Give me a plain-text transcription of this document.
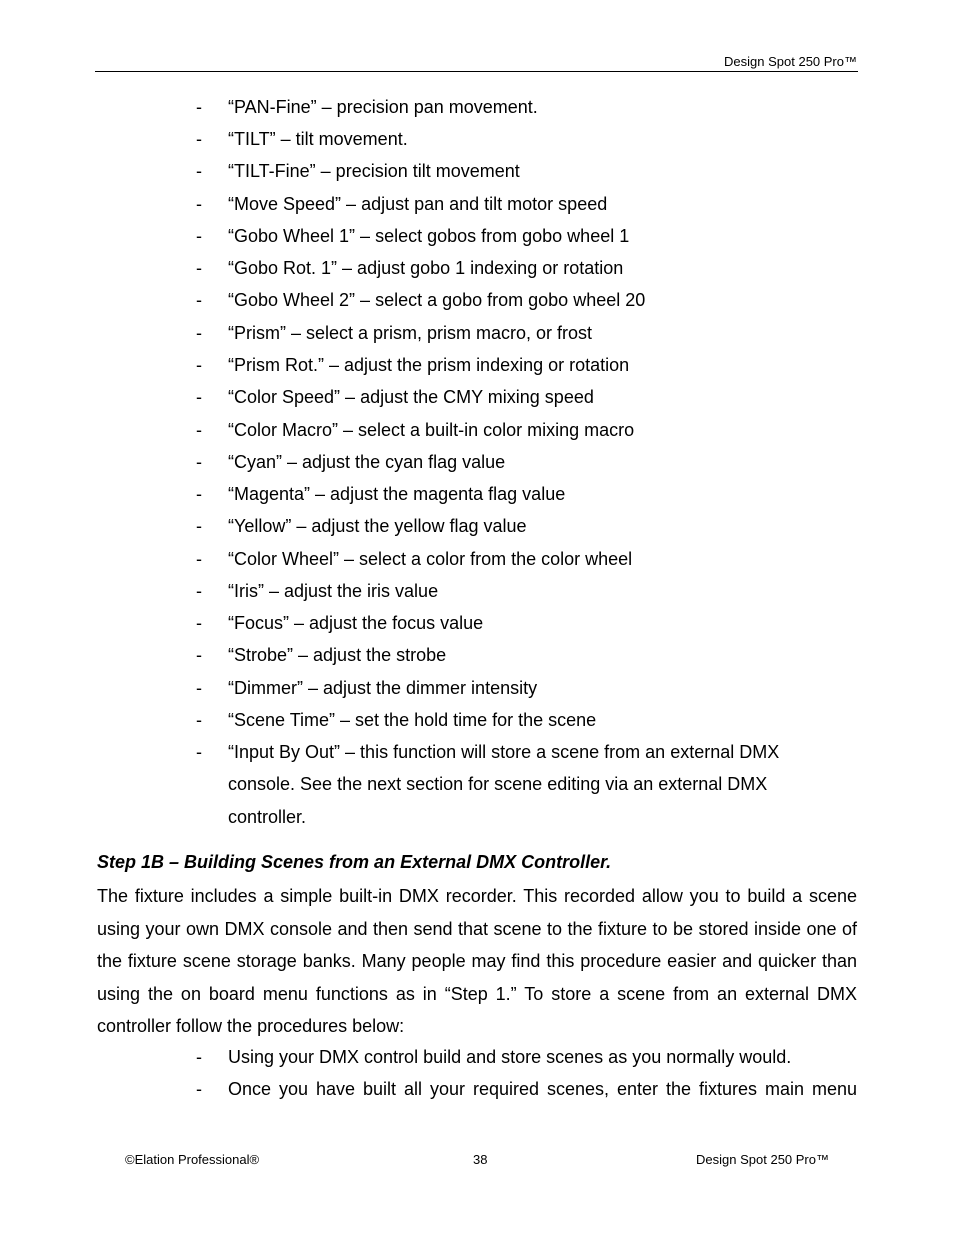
Design Spot 250 Pro™
- “PAN-Fine” – precision pan movement.
- “TILT” – tilt movement.
- “TILT-Fine” – precision tilt movement
- “Move Speed” – adjust pan and tilt motor speed
- “Gobo Wheel 1” – select gobos from gobo wheel 1
- “Gobo Rot. 1” – adjust gobo 1 indexing or rotation
- “Gobo Wheel 2” – select a gobo from gobo wheel 20
- “Prism” – select a prism, prism macro, or frost
- “Prism Rot.” – adjust the prism indexing or rotation
- “Color Speed” – adjust the CMY mixing speed
- “Color Macro” – select a built-in color mixing macro
- “Cyan” – adjust the cyan flag value
- “Magenta” – adjust the magenta flag value
- “Yellow” – adjust the yellow flag value
- “Color Wheel” – select a color from the color wheel
- “Iris” – adjust the iris value
- “Focus” – adjust the focus value
- “Strobe” – adjust the strobe
- “Dimmer” – adjust the dimmer intensity
- “Scene Time” – set the hold time for the scene
- “Input By Out” – this function will store a scene from an external DMX console. See the next section for scene editing via an external DMX controller.
Step 1B – Building Scenes from an External DMX Controller.
The fixture includes a simple built-in DMX recorder. This recorded allow you to build a scene using your own DMX console and then send that scene to the fixture to be stored inside one of the fixture scene storage banks. Many people may find this procedure easier and quicker than using the on board menu functions as in “Step 1.” To store a scene from an external DMX controller follow the procedures below:
- Using your DMX control build and store scenes as you normally would.
- Once you have built all your required scenes, enter the fixtures main menu
©Elation Professional®	38	Design Spot 250 Pro™
